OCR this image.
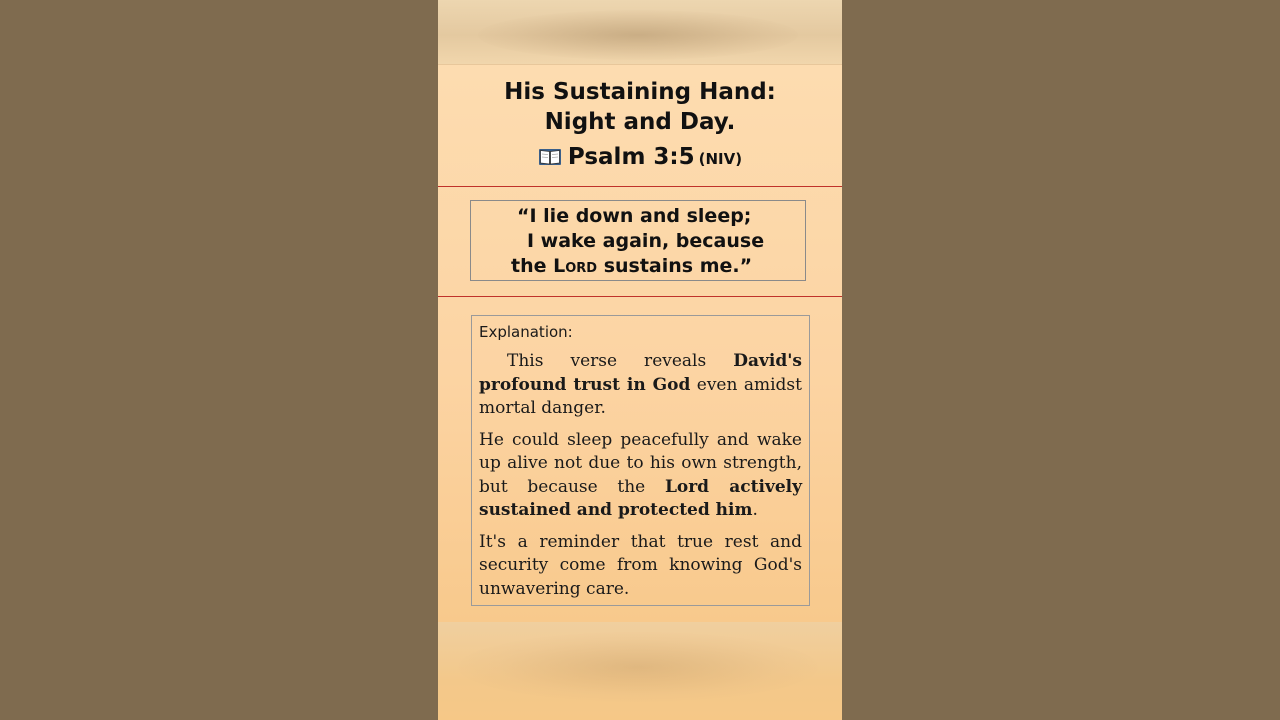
His Sustaining Hand:
Night and Day.
Psalm 3:5 (NIV)
“I lie down and sleep;
I wake again, because
the Lord sustains me.”
Explanation:

This verse reveals David's profound trust in God even amidst mortal danger.

He could sleep peacefully and wake up alive not due to his own strength, but because the Lord actively sustained and protected him.

It's a reminder that true rest and security come from knowing God's unwavering care.
